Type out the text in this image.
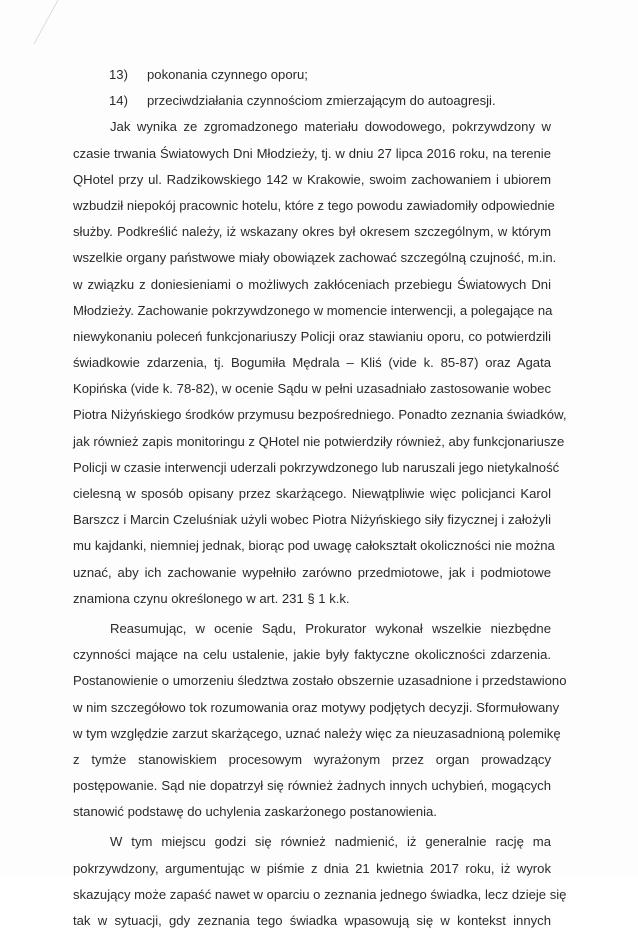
13) pokonania czynnego oporu;
14) przeciwdziałania czynnościom zmierzającym do autoagresji.
Jak wynika ze zgromadzonego materiału dowodowego, pokrzywdzony w
czasie trwania Światowych Dni Młodzieży, tj. w dniu 27 lipca 2016 roku, na terenie
QHotel przy ul. Radzikowskiego 142 w Krakowie, swoim zachowaniem i ubiorem
wzbudził niepokój pracownic hotelu, które z tego powodu zawiadomiły odpowiednie
służby. Podkreślić należy, iż wskazany okres był okresem szczególnym, w którym
wszelkie organy państwowe miały obowiązek zachować szczególną czujność, m.in.
w związku z doniesieniami o możliwych zakłóceniach przebiegu Światowych Dni
Młodzieży. Zachowanie pokrzywdzonego w momencie interwencji, a polegające na
niewykonaniu poleceń funkcjonariuszy Policji oraz stawianiu oporu, co potwierdzili
świadkowie zdarzenia, tj. Bogumiła Mędrala – Kliś (vide k. 85-87) oraz Agata
Kopińska (vide k. 78-82), w ocenie Sądu w pełni uzasadniało zastosowanie wobec
Piotra Niżyńskiego środków przymusu bezpośredniego. Ponadto zeznania świadków,
jak również zapis monitoringu z QHotel nie potwierdziły również, aby funkcjonariusze
Policji w czasie interwencji uderzali pokrzywdzonego lub naruszali jego nietykalność
cielesną w sposób opisany przez skarżącego. Niewątpliwie więc policjanci Karol
Barszcz i Marcin Czeluśniak użyli wobec Piotra Niżyńskiego siły fizycznej i założyli
mu kajdanki, niemniej jednak, biorąc pod uwagę całokształt okoliczności nie można
uznać, aby ich zachowanie wypełniło zarówno przedmiotowe, jak i podmiotowe
znamiona czynu określonego w art. 231 § 1 k.k.
Reasumując, w ocenie Sądu, Prokurator wykonał wszelkie niezbędne
czynności mające na celu ustalenie, jakie były faktyczne okoliczności zdarzenia.
Postanowienie o umorzeniu śledztwa zostało obszernie uzasadnione i przedstawiono
w nim szczegółowo tok rozumowania oraz motywy podjętych decyzji. Sformułowany
w tym względzie zarzut skarżącego, uznać należy więc za nieuzasadnioną polemikę
z tymże stanowiskiem procesowym wyrażonym przez organ prowadzący
postępowanie. Sąd nie dopatrzył się również żadnych innych uchybień, mogących
stanowić podstawę do uchylenia zaskarżonego postanowienia.
W tym miejscu godzi się również nadmienić, iż generalnie rację ma
pokrzywdzony, argumentując w piśmie z dnia 21 kwietnia 2017 roku, iż wyrok
skazujący może zapaść nawet w oparciu o zeznania jednego świadka, lecz dzieje się
tak w sytuacji, gdy zeznania tego świadka wpasowują się w kontekst innych
